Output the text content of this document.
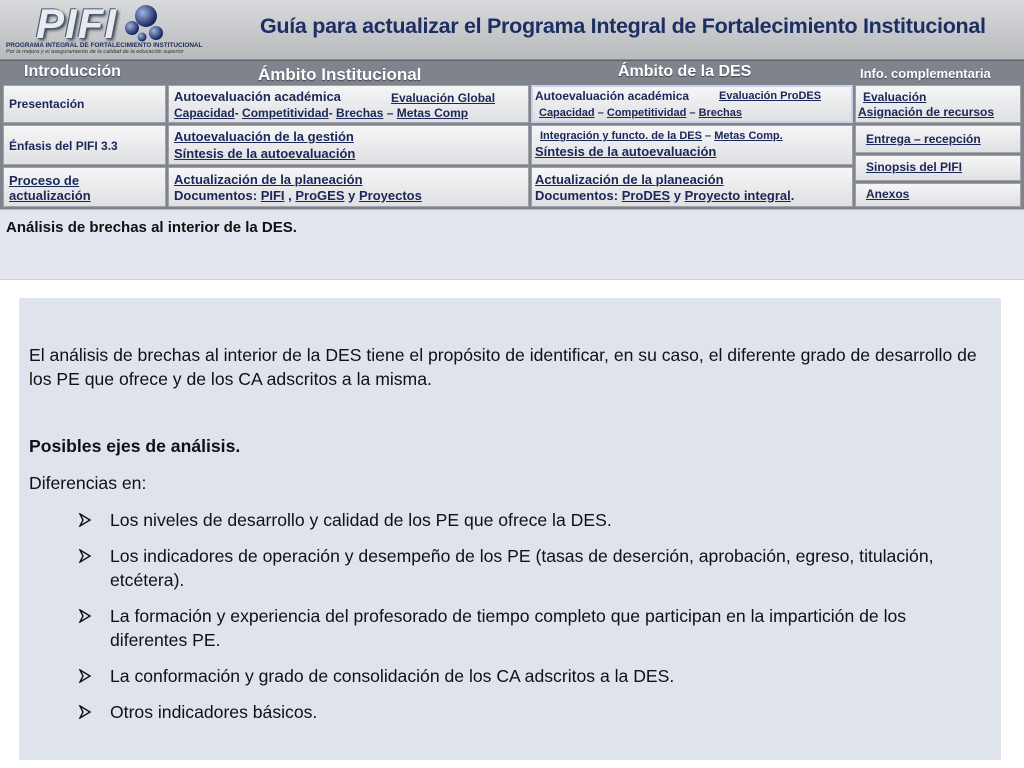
PIFI
PROGRAMA INTEGRAL DE FORTALECIMIENTO INSTITUCIONAL
Por la mejora y el aseguramiento de la calidad de la educación superior
Guía para actualizar el Programa Integral de Fortalecimiento Institucional
Introducción	Ámbito Institucional	Ámbito de la DES	Info. complementaria
Presentación
Énfasis del PIFI 3.3
Proceso de
actualización
Autoevaluación académica	Evaluación Global
Capacidad- Competitividad- Brechas – Metas Comp
Autoevaluación de la gestión
Síntesis de la autoevaluación
Actualización de la planeación
Documentos: PIFI , ProGES y Proyectos
Autoevaluación académica	Evaluación ProDES
Capacidad – Competitividad – Brechas
Integración y functo. de la DES – Metas Comp.
Síntesis de la autoevaluación
Actualización de la planeación
Documentos: ProDES y Proyecto integral.
Evaluación
Asignación de recursos
Entrega – recepción
Sinopsis del PIFI
Anexos
Análisis de brechas al interior de la DES.

El análisis de brechas al interior de la DES tiene el propósito de identificar, en su caso, el diferente grado de desarrollo de los PE que ofrece y de los CA adscritos a la misma.

Posibles ejes de análisis.
Diferencias en:
Los niveles de desarrollo y calidad de los PE que ofrece la DES.
Los indicadores de operación y desempeño de los PE (tasas de deserción, aprobación, egreso, titulación, etcétera).
La formación y experiencia del profesorado de tiempo completo que participan en la impartición de los diferentes PE.
La conformación y grado de consolidación de los CA adscritos a la DES.
Otros indicadores básicos.
